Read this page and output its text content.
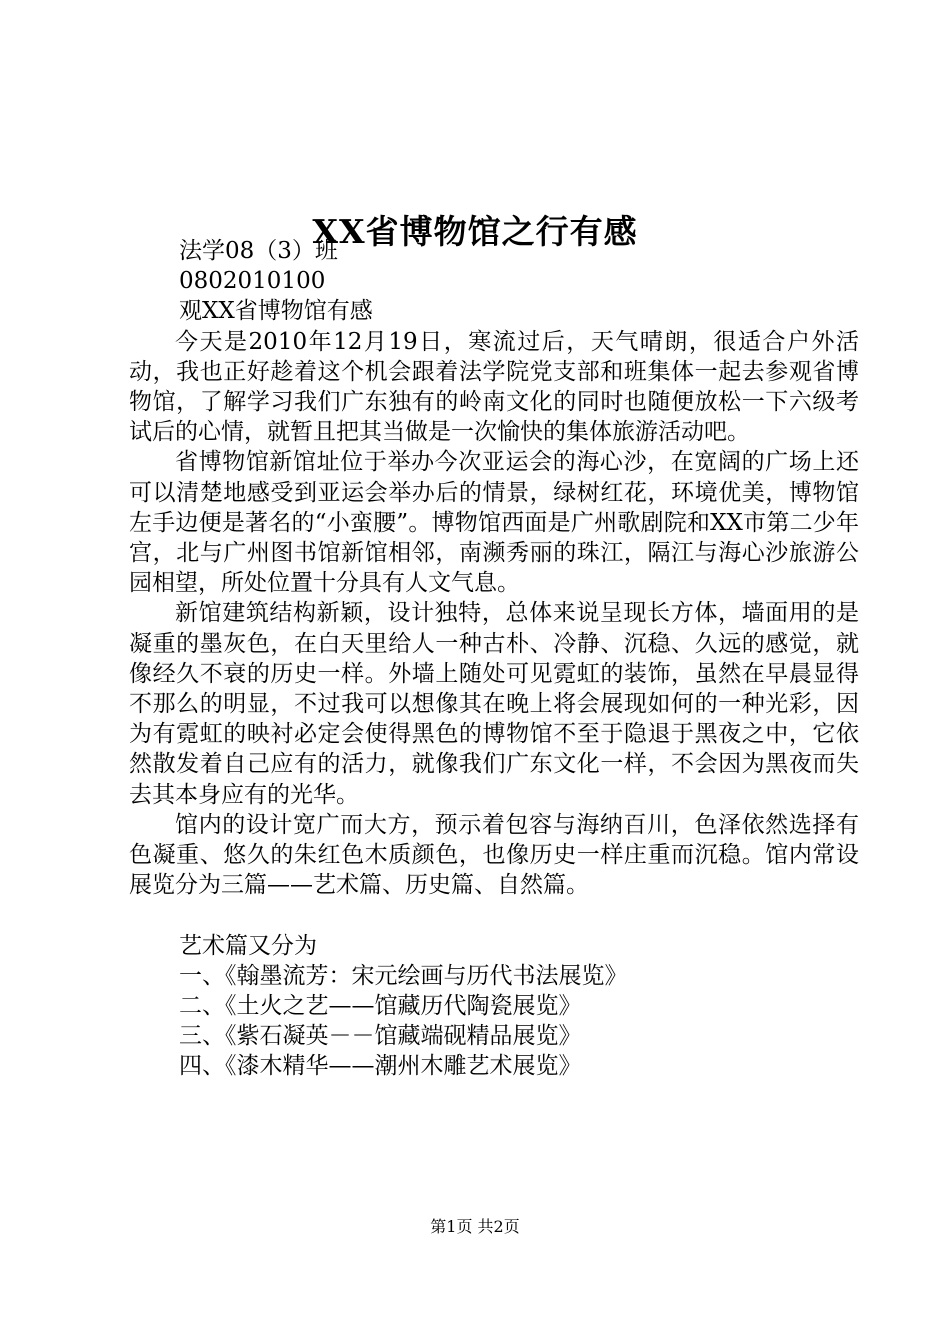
XX省博物馆之行有感

法学08（3）班

0802010100

观XX省博物馆有感

今天是2010年12月19日，寒流过后，天气晴朗，很适合户外活动，我也正好趁着这个机会跟着法学院党支部和班集体一起去参观省博物馆，了解学习我们广东独有的岭南文化的同时也随便放松一下六级考试后的心情，就暂且把其当做是一次愉快的集体旅游活动吧。

省博物馆新馆址位于举办今次亚运会的海心沙，在宽阔的广场上还可以清楚地感受到亚运会举办后的情景，绿树红花，环境优美，博物馆左手边便是著名的“小蛮腰”。博物馆西面是广州歌剧院和XX市第二少年宫，北与广州图书馆新馆相邻，南濒秀丽的珠江，隔江与海心沙旅游公园相望，所处位置十分具有人文气息。

新馆建筑结构新颖，设计独特，总体来说呈现长方体，墙面用的是凝重的墨灰色，在白天里给人一种古朴、冷静、沉稳、久远的感觉，就像经久不衰的历史一样。外墙上随处可见霓虹的装饰，虽然在早晨显得不那么的明显，不过我可以想像其在晚上将会展现如何的一种光彩，因为有霓虹的映衬必定会使得黑色的博物馆不至于隐退于黑夜之中，它依然散发着自己应有的活力，就像我们广东文化一样，不会因为黑夜而失去其本身应有的光华。

馆内的设计宽广而大方，预示着包容与海纳百川，色泽依然选择有色凝重、悠久的朱红色木质颜色，也像历史一样庄重而沉稳。馆内常设展览分为三篇——艺术篇、历史篇、自然篇。

艺术篇又分为

一、《翰墨流芳：宋元绘画与历代书法展览》

二、《土火之艺——馆藏历代陶瓷展览》

三、《紫石凝英－－馆藏端砚精品展览》

四、《漆木精华——潮州木雕艺术展览》

第1页 共2页
